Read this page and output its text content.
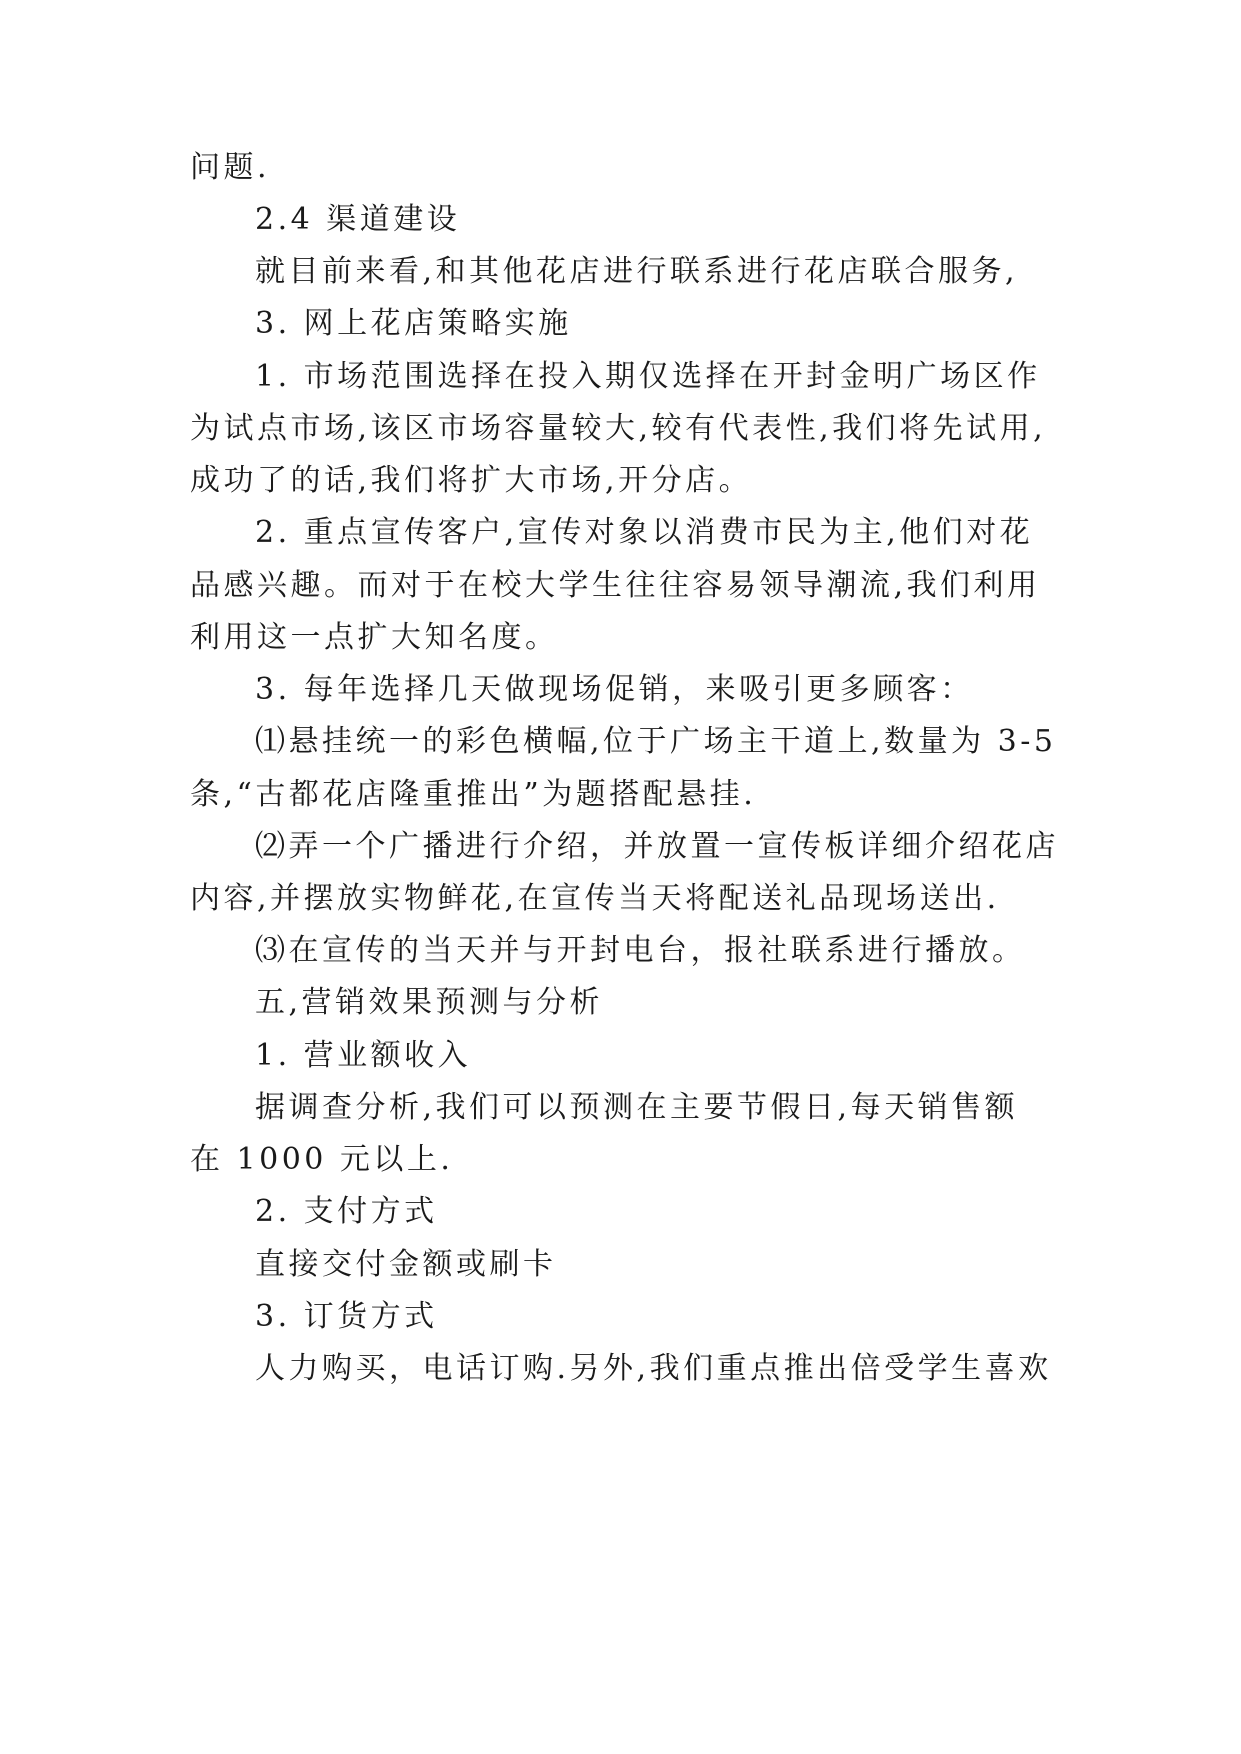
问题.
2.4 渠道建设
就目前来看,和其他花店进行联系进行花店联合服务,
3. 网上花店策略实施
1. 市场范围选择在投入期仅选择在开封金明广场区作
为试点市场,该区市场容量较大,较有代表性,我们将先试用,
成功了的话,我们将扩大市场,开分店。
2. 重点宣传客户,宣传对象以消费市民为主,他们对花
品感兴趣。而对于在校大学生往往容易领导潮流,我们利用
利用这一点扩大知名度。
3. 每年选择几天做现场促销，来吸引更多顾客：
⑴悬挂统一的彩色横幅,位于广场主干道上,数量为 3-5
条,“古都花店隆重推出”为题搭配悬挂.
⑵弄一个广播进行介绍，并放置一宣传板详细介绍花店
内容,并摆放实物鲜花,在宣传当天将配送礼品现场送出.
⑶在宣传的当天并与开封电台，报社联系进行播放。
五,营销效果预测与分析
1. 营业额收入
据调查分析,我们可以预测在主要节假日,每天销售额
在 1000 元以上.
2. 支付方式
直接交付金额或刷卡
3. 订货方式
人力购买，电话订购.另外,我们重点推出倍受学生喜欢
